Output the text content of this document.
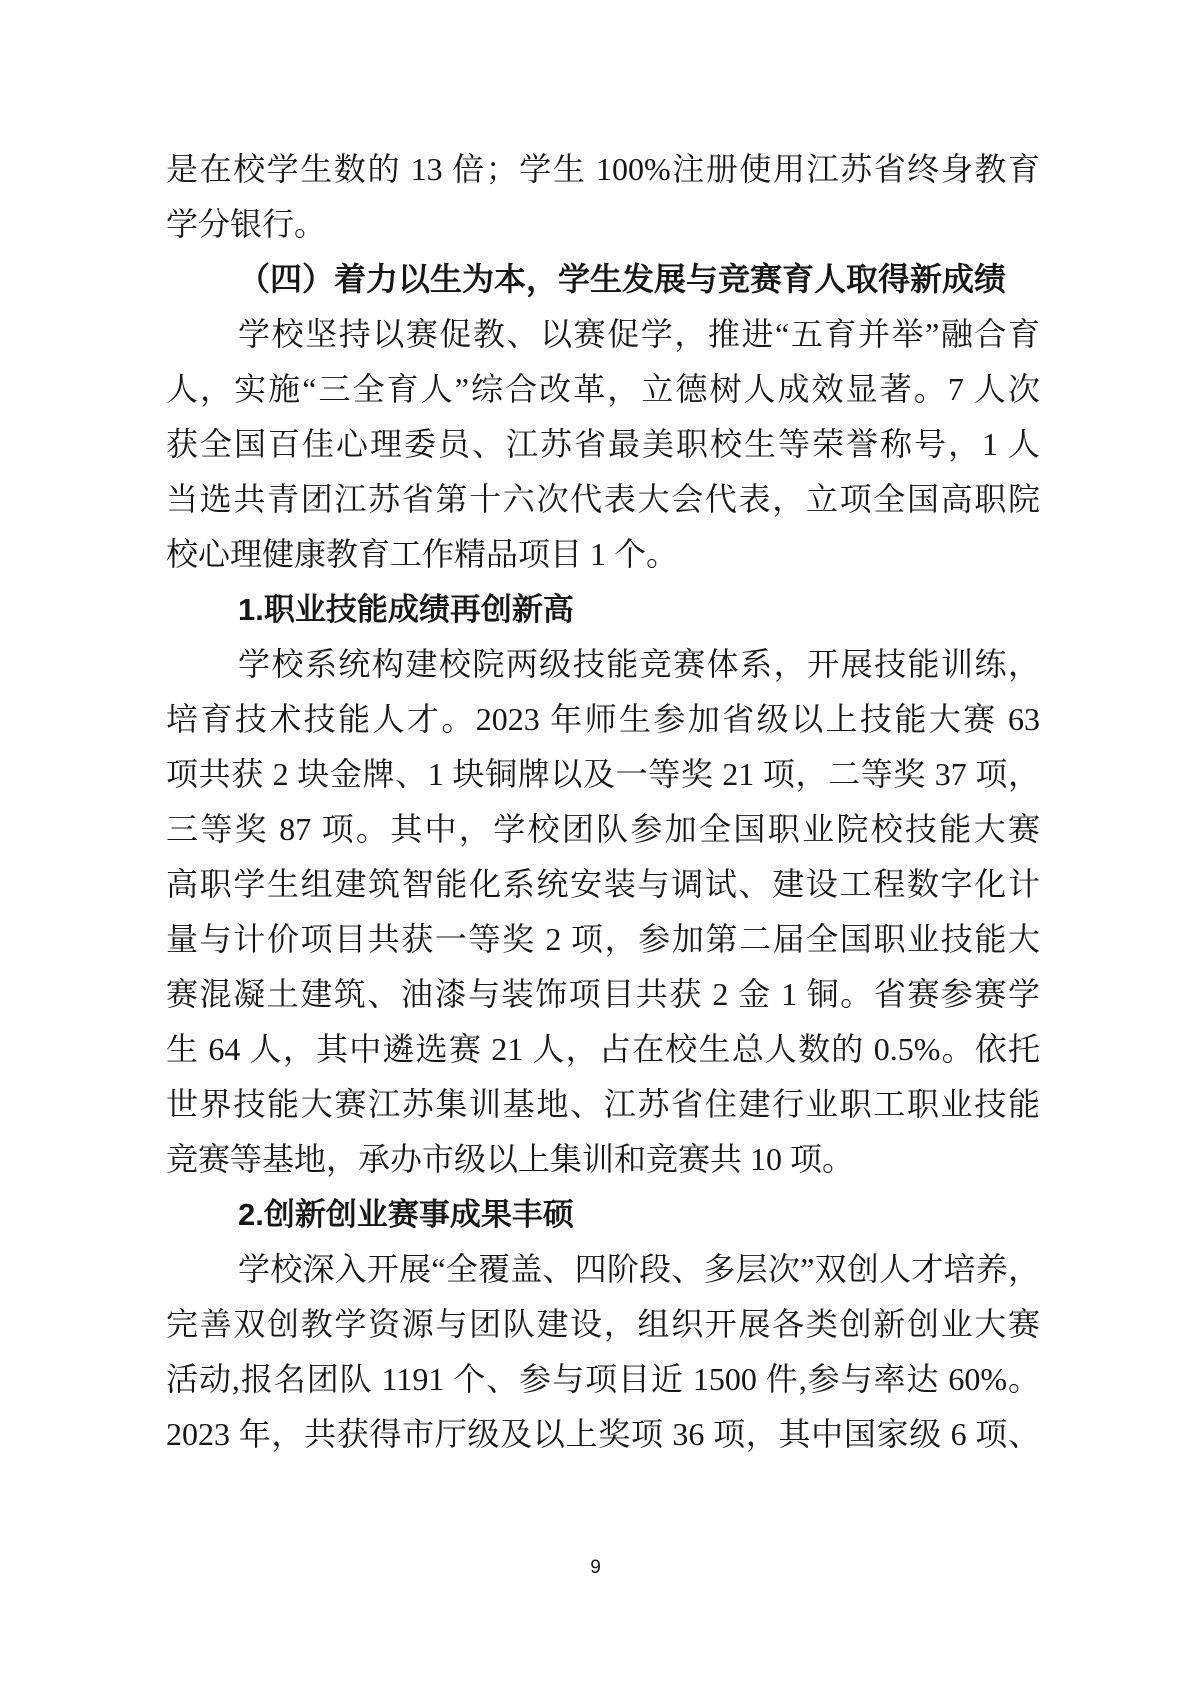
是在校学生数的 13 倍；学生 100%注册使用江苏省终身教育
学分银行。
（四）着力以生为本，学生发展与竞赛育人取得新成绩
学校坚持以赛促教、以赛促学，推进“五育并举”融合育
人，实施“三全育人”综合改革，立德树人成效显著。7 人次
获全国百佳心理委员、江苏省最美职校生等荣誉称号，1 人
当选共青团江苏省第十六次代表大会代表，立项全国高职院
校心理健康教育工作精品项目 1 个。
1.职业技能成绩再创新高
学校系统构建校院两级技能竞赛体系，开展技能训练，
培育技术技能人才。2023 年师生参加省级以上技能大赛 63
项共获 2 块金牌、1 块铜牌以及一等奖 21 项，二等奖 37 项，
三等奖 87 项。其中，学校团队参加全国职业院校技能大赛
高职学生组建筑智能化系统安装与调试、建设工程数字化计
量与计价项目共获一等奖 2 项，参加第二届全国职业技能大
赛混凝土建筑、油漆与装饰项目共获 2 金 1 铜。省赛参赛学
生 64 人，其中遴选赛 21 人，占在校生总人数的 0.5%。依托
世界技能大赛江苏集训基地、江苏省住建行业职工职业技能
竞赛等基地，承办市级以上集训和竞赛共 10 项。
2.创新创业赛事成果丰硕
学校深入开展“全覆盖、四阶段、多层次”双创人才培养，
完善双创教学资源与团队建设，组织开展各类创新创业大赛
活动,报名团队 1191 个、参与项目近 1500 件,参与率达 60%。
2023 年，共获得市厅级及以上奖项 36 项，其中国家级 6 项、
9
